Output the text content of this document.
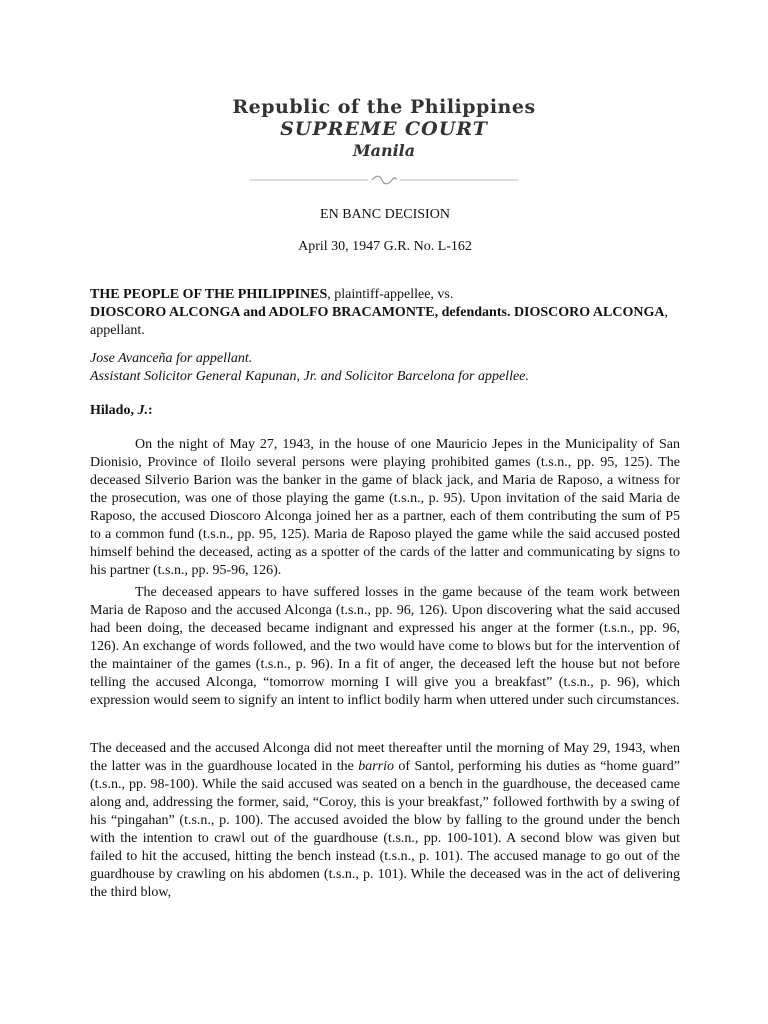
Republic of the Philippines
SUPREME COURT
Manila
EN BANC DECISION
April 30, 1947 G.R. No. L-162
THE PEOPLE OF THE PHILIPPINES, plaintiff-appellee, vs.
DIOSCORO ALCONGA and ADOLFO BRACAMONTE, defendants. DIOSCORO ALCONGA, appellant.
Jose Avanceña for appellant.
Assistant Solicitor General Kapunan, Jr. and Solicitor Barcelona for appellee.
Hilado, J.:
On the night of May 27, 1943, in the house of one Mauricio Jepes in the Municipality of San Dionisio, Province of Iloilo several persons were playing prohibited games (t.s.n., pp. 95, 125). The deceased Silverio Barion was the banker in the game of black jack, and Maria de Raposo, a witness for the prosecution, was one of those playing the game (t.s.n., p. 95). Upon invitation of the said Maria de Raposo, the accused Dioscoro Alconga joined her as a partner, each of them contributing the sum of P5 to a common fund (t.s.n., pp. 95, 125). Maria de Raposo played the game while the said accused posted himself behind the deceased, acting as a spotter of the cards of the latter and communicating by signs to his partner (t.s.n., pp. 95-96, 126).
The deceased appears to have suffered losses in the game because of the team work between Maria de Raposo and the accused Alconga (t.s.n., pp. 96, 126). Upon discovering what the said accused had been doing, the deceased became indignant and expressed his anger at the former (t.s.n., pp. 96, 126). An exchange of words followed, and the two would have come to blows but for the intervention of the maintainer of the games (t.s.n., p. 96). In a fit of anger, the deceased left the house but not before telling the accused Alconga, “tomorrow morning I will give you a breakfast” (t.s.n., p. 96), which expression would seem to signify an intent to inflict bodily harm when uttered under such circumstances.
The deceased and the accused Alconga did not meet thereafter until the morning of May 29, 1943, when the latter was in the guardhouse located in the barrio of Santol, performing his duties as “home guard” (t.s.n., pp. 98-100). While the said accused was seated on a bench in the guardhouse, the deceased came along and, addressing the former, said, “Coroy, this is your breakfast,” followed forthwith by a swing of his “pingahan” (t.s.n., p. 100). The accused avoided the blow by falling to the ground under the bench with the intention to crawl out of the guardhouse (t.s.n., pp. 100-101). A second blow was given but failed to hit the accused, hitting the bench instead (t.s.n., p. 101). The accused manage to go out of the guardhouse by crawling on his abdomen (t.s.n., p. 101). While the deceased was in the act of delivering the third blow,
